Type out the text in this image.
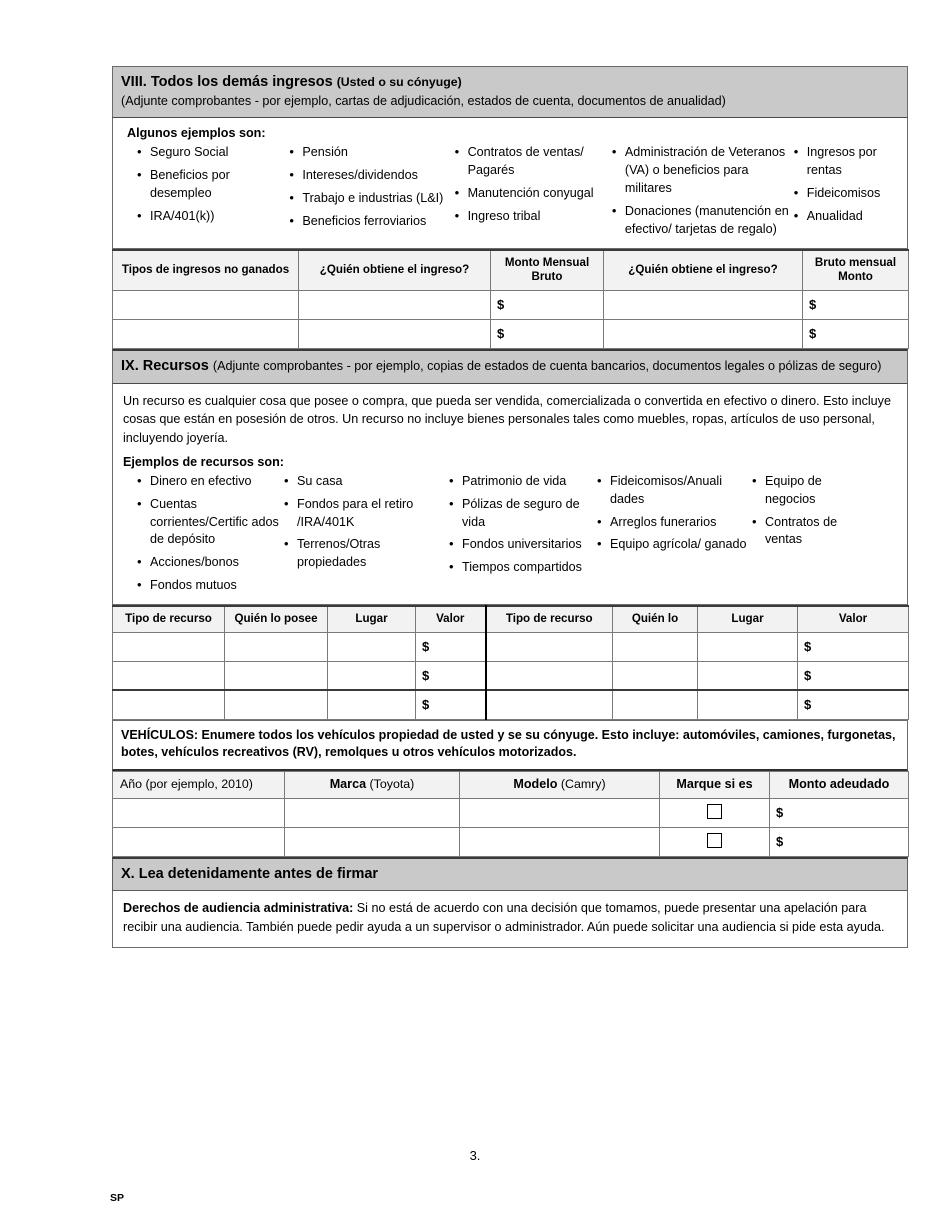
VIII. Todos los demás ingresos (Usted o su cónyuge)
(Adjunte comprobantes - por ejemplo, cartas de adjudicación, estados de cuenta, documentos de anualidad)
Algunos ejemplos son:
• Seguro Social
• Beneficios por desempleo
• IRA/401(k))
• Pensión
• Intereses/dividendos
• Trabajo e industrias (L&I)
• Beneficios ferroviarios
• Contratos de ventas/ Pagarés
• Manutención conyugal
• Ingreso tribal
• Administración de Veteranos (VA) o beneficios para militares
• Donaciones (manutención en efectivo/ tarjetas de regalo)
• Ingresos por rentas
• Fideicomisos
• Anualidad
Tipos de ingresos no ganados	¿Quién obtiene el ingreso?	Monto Mensual Bruto	¿Quién obtiene el ingreso?	Bruto mensual Monto
		$		$
		$		$
IX. Recursos (Adjunte comprobantes - por ejemplo, copias de estados de cuenta bancarios, documentos legales o pólizas de seguro)
Un recurso es cualquier cosa que posee o compra, que pueda ser vendida, comercializada o convertida en efectivo o dinero. Esto incluye cosas que están en posesión de otros. Un recurso no incluye bienes personales tales como muebles, ropas, artículos de uso personal, incluyendo joyería.
Ejemplos de recursos son:
• Dinero en efectivo
• Cuentas corrientes/Certific ados de depósito
• Acciones/bonos
• Fondos mutuos
• Su casa
• Fondos para el retiro /IRA/401K
• Terrenos/Otras propiedades
• Patrimonio de vida
• Pólizas de seguro de vida
• Fondos universitarios
• Tiempos compartidos
• Fideicomisos/Anuali dades
• Arreglos funerarios
• Equipo agrícola/ ganado
• Equipo de negocios
• Contratos de ventas
Tipo de recurso	Quién lo posee	Lugar	Valor	Tipo de recurso	Quién lo	Lugar	Valor
			$				$
			$				$
			$				$
VEHÍCULOS: Enumere todos los vehículos propiedad de usted y se su cónyuge. Esto incluye: automóviles, camiones, furgonetas, botes, vehículos recreativos (RV), remolques u otros vehículos motorizados.
Año (por ejemplo, 2010)	Marca (Toyota)	Modelo (Camry)	Marque si es	Monto adeudado
				$
				$
X. Lea detenidamente antes de firmar
Derechos de audiencia administrativa: Si no está de acuerdo con una decisión que tomamos, puede presentar una apelación para recibir una audiencia. También puede pedir ayuda a un supervisor o administrador. Aún puede solicitar una audiencia si pide esta ayuda.
3.
SP
